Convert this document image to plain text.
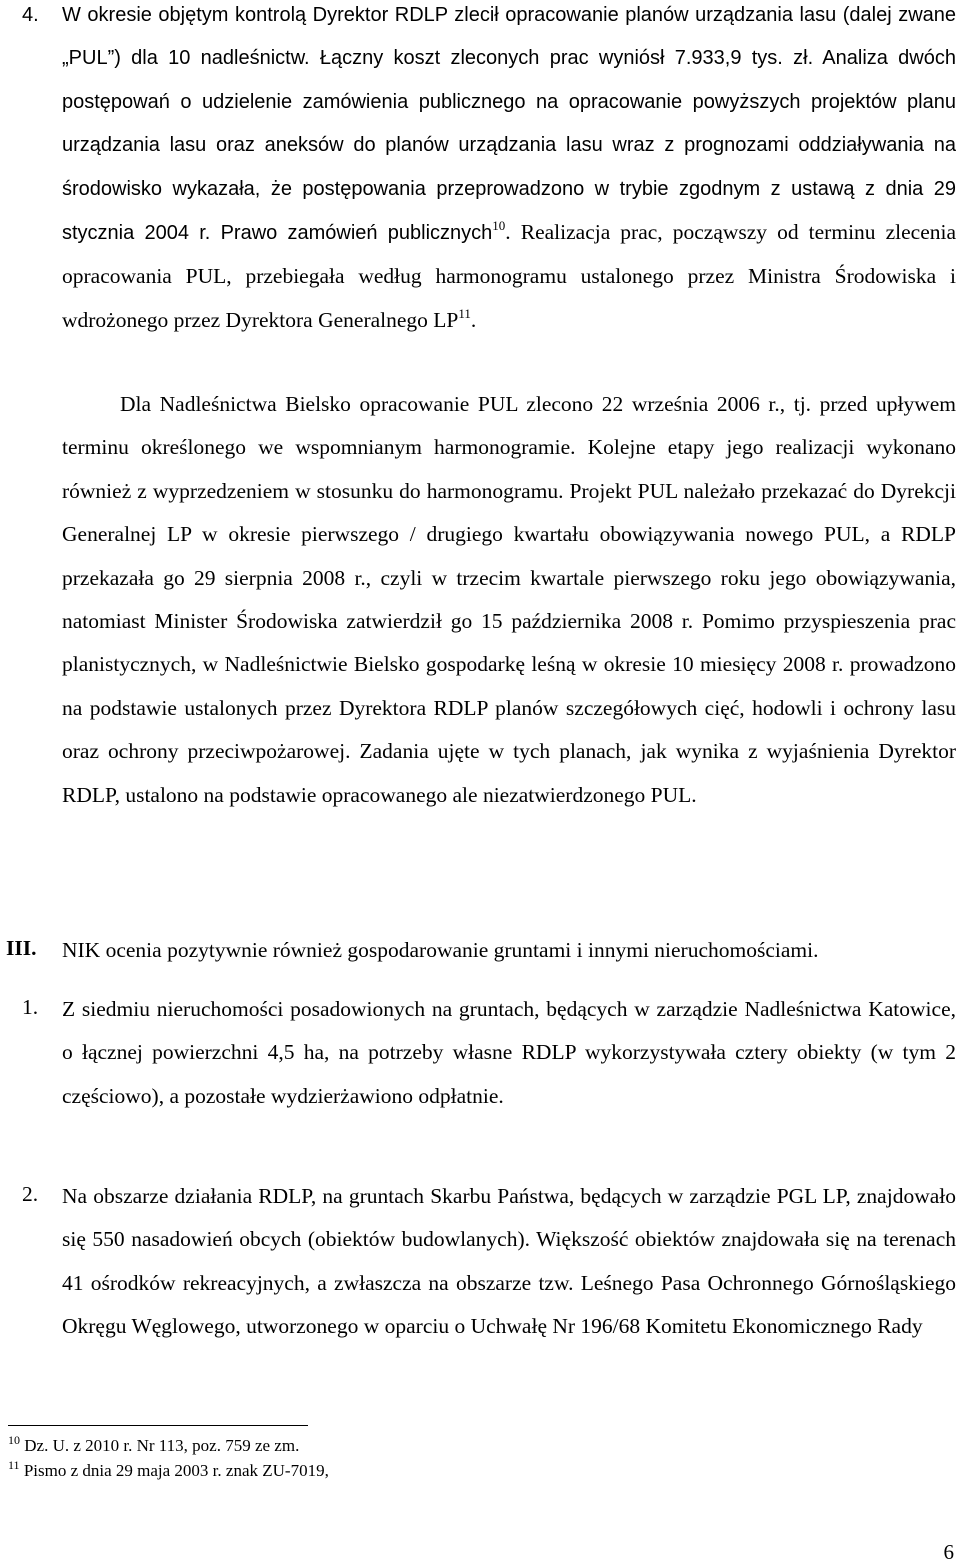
4. W okresie objętym kontrolą Dyrektor RDLP zlecił opracowanie planów urządzania lasu (dalej zwane „PUL”) dla 10 nadleśnictw. Łączny koszt zleconych prac wyniósł 7.933,9 tys. zł. Analiza dwóch postępowań o udzielenie zamówienia publicznego na opracowanie powyższych projektów planu urządzania lasu oraz aneksów do planów urządzania lasu wraz z prognozami oddziaływania na środowisko wykazała, że postępowania przeprowadzono w trybie zgodnym z ustawą z dnia 29 stycznia 2004 r. Prawo zamówień publicznych$^{10}$. Realizacja prac, począwszy od terminu zlecenia opracowania PUL, przebiegała według harmonogramu ustalonego przez Ministra Środowiska i wdrożonego przez Dyrektora Generalnego LP$^{11}$.
Dla Nadleśnictwa Bielsko opracowanie PUL zlecono 22 września 2006 r., tj. przed upływem terminu określonego we wspomnianym harmonogramie. Kolejne etapy jego realizacji wykonano również z wyprzedzeniem w stosunku do harmonogramu. Projekt PUL należało przekazać do Dyrekcji Generalnej LP w okresie pierwszego / drugiego kwartału obowiązywania nowego PUL, a RDLP przekazała go 29 sierpnia 2008 r., czyli w trzecim kwartale pierwszego roku jego obowiązywania, natomiast Minister Środowiska zatwierdził go 15 października 2008 r. Pomimo przyspieszenia prac planistycznych, w Nadleśnictwie Bielsko gospodarkę leśną w okresie 10 miesięcy 2008 r. prowadzono na podstawie ustalonych przez Dyrektora RDLP planów szczegółowych cięć, hodowli i ochrony lasu oraz ochrony przeciwpożarowej. Zadania ujęte w tych planach, jak wynika z wyjaśnienia Dyrektor RDLP, ustalono na podstawie opracowanego ale niezatwierdzonego PUL.
III. NIK ocenia pozytywnie również gospodarowanie gruntami i innymi nieruchomościami.
1. Z siedmiu nieruchomości posadowionych na gruntach, będących w zarządzie Nadleśnictwa Katowice, o łącznej powierzchni 4,5 ha, na potrzeby własne RDLP wykorzystywała cztery obiekty (w tym 2 częściowo), a pozostałe wydzierżawiono odpłatnie.
2. Na obszarze działania RDLP, na gruntach Skarbu Państwa, będących w zarządzie PGL LP, znajdowało się 550 nasadowień obcych (obiektów budowlanych). Większość obiektów znajdowała się na terenach 41 ośrodków rekreacyjnych, a zwłaszcza na obszarze tzw. Leśnego Pasa Ochronnego Górnośląskiego Okręgu Węglowego, utworzonego w oparciu o Uchwałę Nr 196/68 Komitetu Ekonomicznego Rady
$^{10}$ Dz. U. z 2010 r. Nr 113, poz. 759 ze zm.
$^{11}$ Pismo z dnia 29 maja 2003 r. znak ZU-7019,
6
